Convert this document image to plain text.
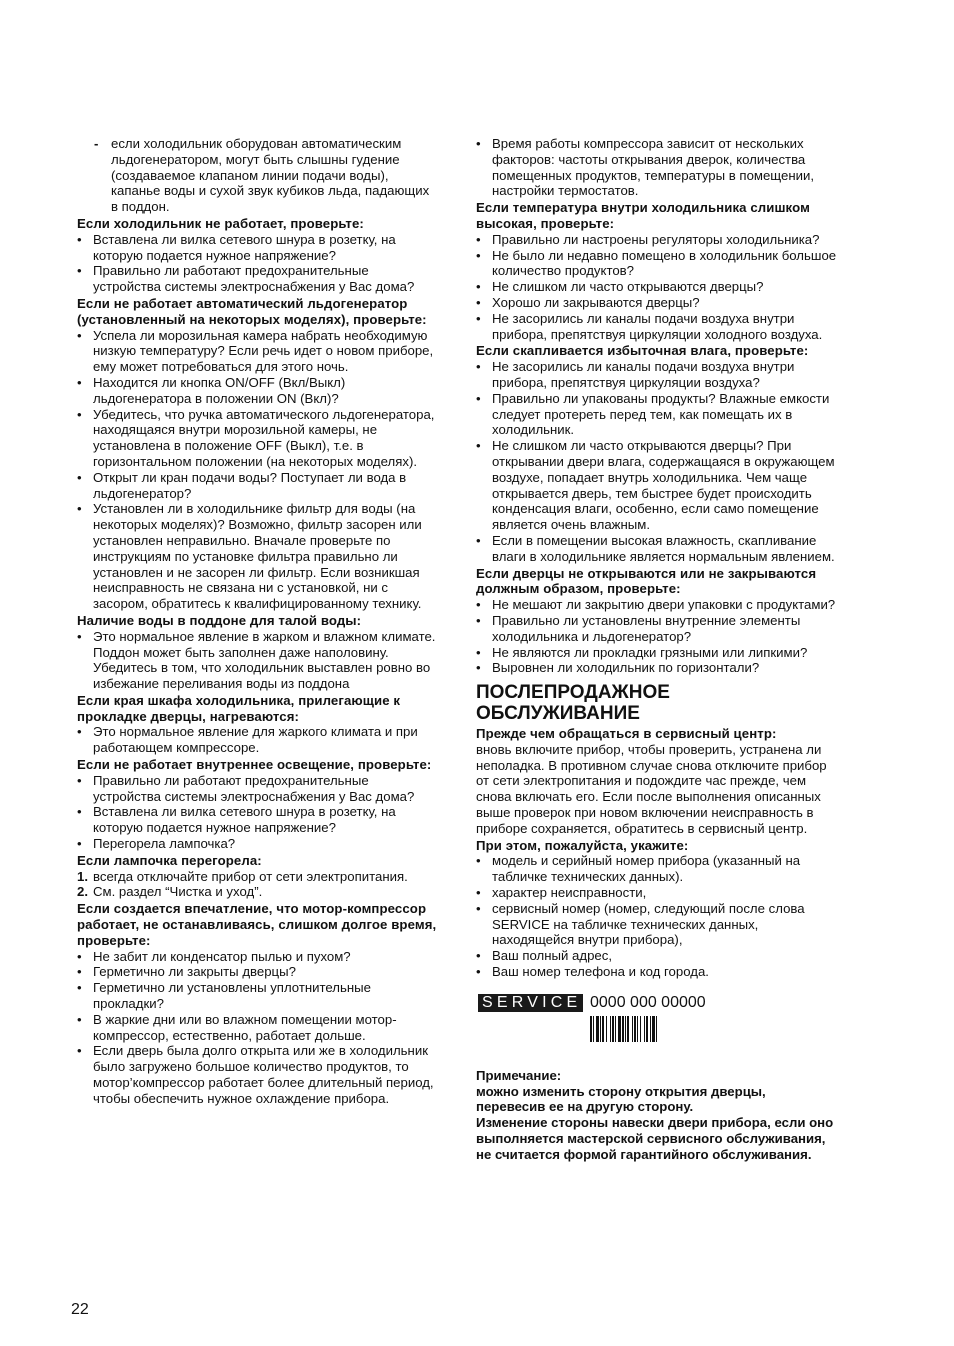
- если холодильник оборудован автоматическим льдогенератором, могут быть слышны гудение (создаваемое клапаном линии подачи воды), капанье воды и сухой звук кубиков льда, падающих в поддон.
Если холодильник не работает, проверьте:
• Вставлена ли вилка сетевого шнура в розетку, на которую подается нужное напряжение?
• Правильно ли работают предохранительные устройства системы электроснабжения у Вас дома?
Если не работает автоматический льдогенератор (установленный на некоторых моделях), проверьте:
• Успела ли морозильная камера набрать необходимую низкую температуру? Если речь идет о новом приборе, ему может потребоваться для этого ночь.
• Находится ли кнопка ON/OFF (Вкл/Выкл) льдогенератора в положении ON (Вкл)?
• Убедитесь, что ручка автоматического льдогенератора, находящаяся внутри морозильной камеры, не установлена в положение OFF (Выкл), т.е. в горизонтальном положении (на некоторых моделях).
• Открыт ли кран подачи воды? Поступает ли вода в льдогенератор?
• Установлен ли в холодильнике фильтр для воды (на некоторых моделях)? Возможно, фильтр засорен или установлен неправильно. Вначале проверьте по инструкциям по установке фильтра правильно ли установлен и не засорен ли фильтр. Если возникшая неисправность не связана ни с установкой, ни с засором, обратитесь к квалифицированному технику.
Наличие воды в поддоне для талой воды:
• Это нормальное явление в жарком и влажном климате. Поддон может быть заполнен даже наполовину. Убедитесь в том, что холодильник выставлен ровно во избежание переливания воды из поддона
Если края шкафа холодильника, прилегающие к прокладке дверцы, нагреваются:
• Это нормальное явление для жаркого климата и при работающем компрессоре.
Если не работает внутреннее освещение, проверьте:
• Правильно ли работают предохранительные устройства системы электроснабжения у Вас дома?
• Вставлена ли вилка сетевого шнура в розетку, на которую подается нужное напряжение?
• Перегорела лампочка?
Если лампочка перегорела:
1. всегда отключайте прибор от сети электропитания.
2. См. раздел “Чистка и уход”.
Если создается впечатление, что мотор-компрессор работает, не останавливаясь, слишком долгое время, проверьте:
• Не забит ли конденсатор пылью и пухом?
• Герметично ли закрыты дверцы?
• Герметично ли установлены уплотнительные прокладки?
• В жаркие дни или во влажном помещении мотор-компрессор, естественно, работает дольше.
• Если дверь была долго открыта или же в холодильник было загружено большое количество продуктов, то мотор’компрессор работает более длительный период, чтобы обеспечить нужное охлаждение прибора.
• Время работы компрессора зависит от нескольких факторов: частоты открывания дверок, количества помещенных продуктов, температуры в помещении, настройки термостатов.
Если температура внутри холодильника слишком высокая, проверьте:
• Правильно ли настроены регуляторы холодильника?
• Не было ли недавно помещено в холодильник большое количество продуктов?
• Не слишком ли часто открываются дверцы?
• Хорошо ли закрываются дверцы?
• Не засорились ли каналы подачи воздуха внутри прибора, препятствуя циркуляции холодного воздуха.
Если скапливается избыточная влага, проверьте:
• Не засорились ли каналы подачи воздуха внутри прибора, препятствуя циркуляции воздуха?
• Правильно ли упакованы продукты? Влажные емкости следует протереть перед тем, как помещать их в холодильник.
• Не слишком ли часто открываются дверцы? При открывании двери влага, содержащаяся в окружающем воздухе, попадает внутрь холодильника. Чем чаще открывается дверь, тем быстрее будет происходить конденсация влаги, особенно, если само помещение является очень влажным.
• Если в помещении высокая влажность, скапливание влаги в холодильнике является нормальным явлением.
Если дверцы не открываются или не закрываются должным образом, проверьте:
• Не мешают ли закрытию двери упаковки с продуктами?
• Правильно ли установлены внутренние элементы холодильника и льдогенератор?
• Не являются ли прокладки грязными или липкими?
• Выровнен ли холодильник по горизонтали?
ПОСЛЕПРОДАЖНОЕ ОБСЛУЖИВАНИЕ
Прежде чем обращаться в сервисный центр:
вновь включите прибор, чтобы проверить, устранена ли неполадка. В противном случае снова отключите прибор от сети электропитания и подождите час прежде, чем снова включать его. Если после выполнения описанных выше проверок при новом включении неисправность в приборе сохраняется, обратитесь в сервисный центр.
При этом, пожалуйста, укажите:
• модель и серийный номер прибора (указанный на табличке технических данных).
• характер неисправности,
• сервисный номер (номер, следующий после слова SERVICE на табличке технических данных, находящейся внутри прибора),
• Ваш полный адрес,
• Ваш номер телефона и код города.
SERVICE 0000 000 00000
Примечание:
можно изменить сторону открытия дверцы, перевесив ее на другую сторону.
Изменение стороны навески двери прибора, если оно выполняется мастерской сервисного обслуживания, не считается формой гарантийного обслуживания.
22
